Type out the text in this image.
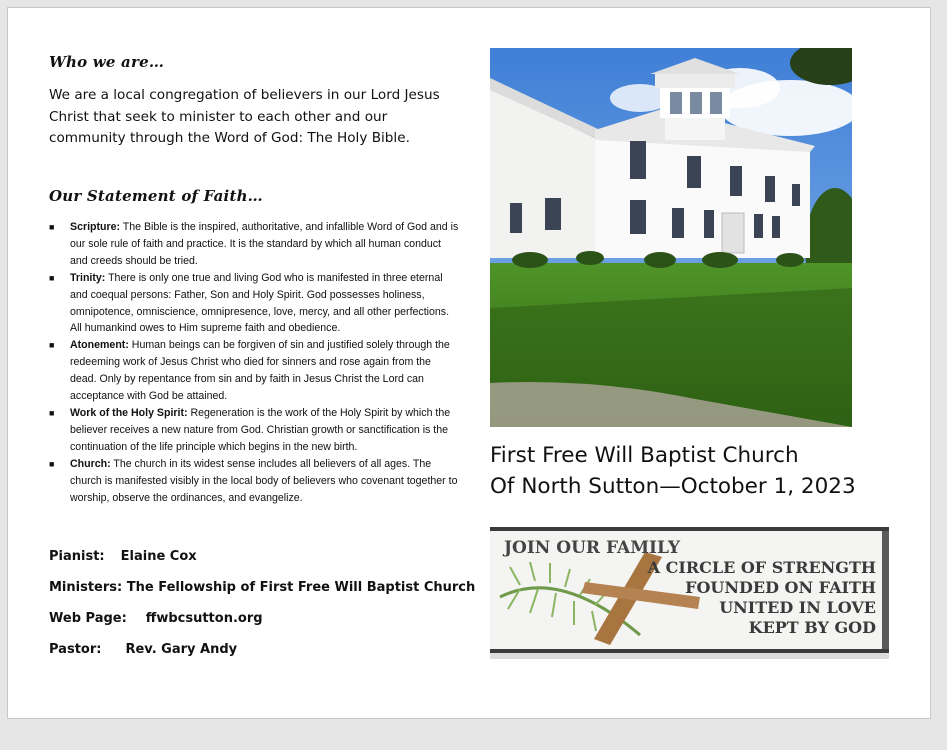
Who we are…

We are a local congregation of believers in our Lord Jesus Christ that seek to minister to each other and our community through the Word of God: The Holy Bible.

Our Statement of Faith…
■ Scripture: The Bible is the inspired, authoritative, and infallible Word of God and is our sole rule of faith and practice. It is the standard by which all human conduct and creeds should be tried.
■ Trinity: There is only one true and living God who is manifested in three eternal and coequal persons: Father, Son and Holy Spirit. God possesses holiness, omnipotence, omniscience, omnipresence, love, mercy, and all other perfections. All humankind owes to Him supreme faith and obedience.
■ Atonement: Human beings can be forgiven of sin and justified solely through the redeeming work of Jesus Christ who died for sinners and rose again from the dead. Only by repentance from sin and by faith in Jesus Christ the Lord can acceptance with God be attained.
■ Work of the Holy Spirit: Regeneration is the work of the Holy Spirit by which the believer receives a new nature from God. Christian growth or sanctification is the continuation of the life principle which begins in the new birth.
■ Church: The church in its widest sense includes all believers of all ages. The church is manifested visibly in the local body of believers who covenant together to worship, observe the ordinances, and evangelize.
Pianist: Elaine Cox
Ministers: The Fellowship of First Free Will Baptist Church
Web Page: ffwbcsutton.org
Pastor: Rev. Gary Andy
First Free Will Baptist Church
Of North Sutton—October 1, 2023
JOIN OUR FAMILY
A CIRCLE OF STRENGTH
FOUNDED ON FAITH
UNITED IN LOVE
KEPT BY GOD
